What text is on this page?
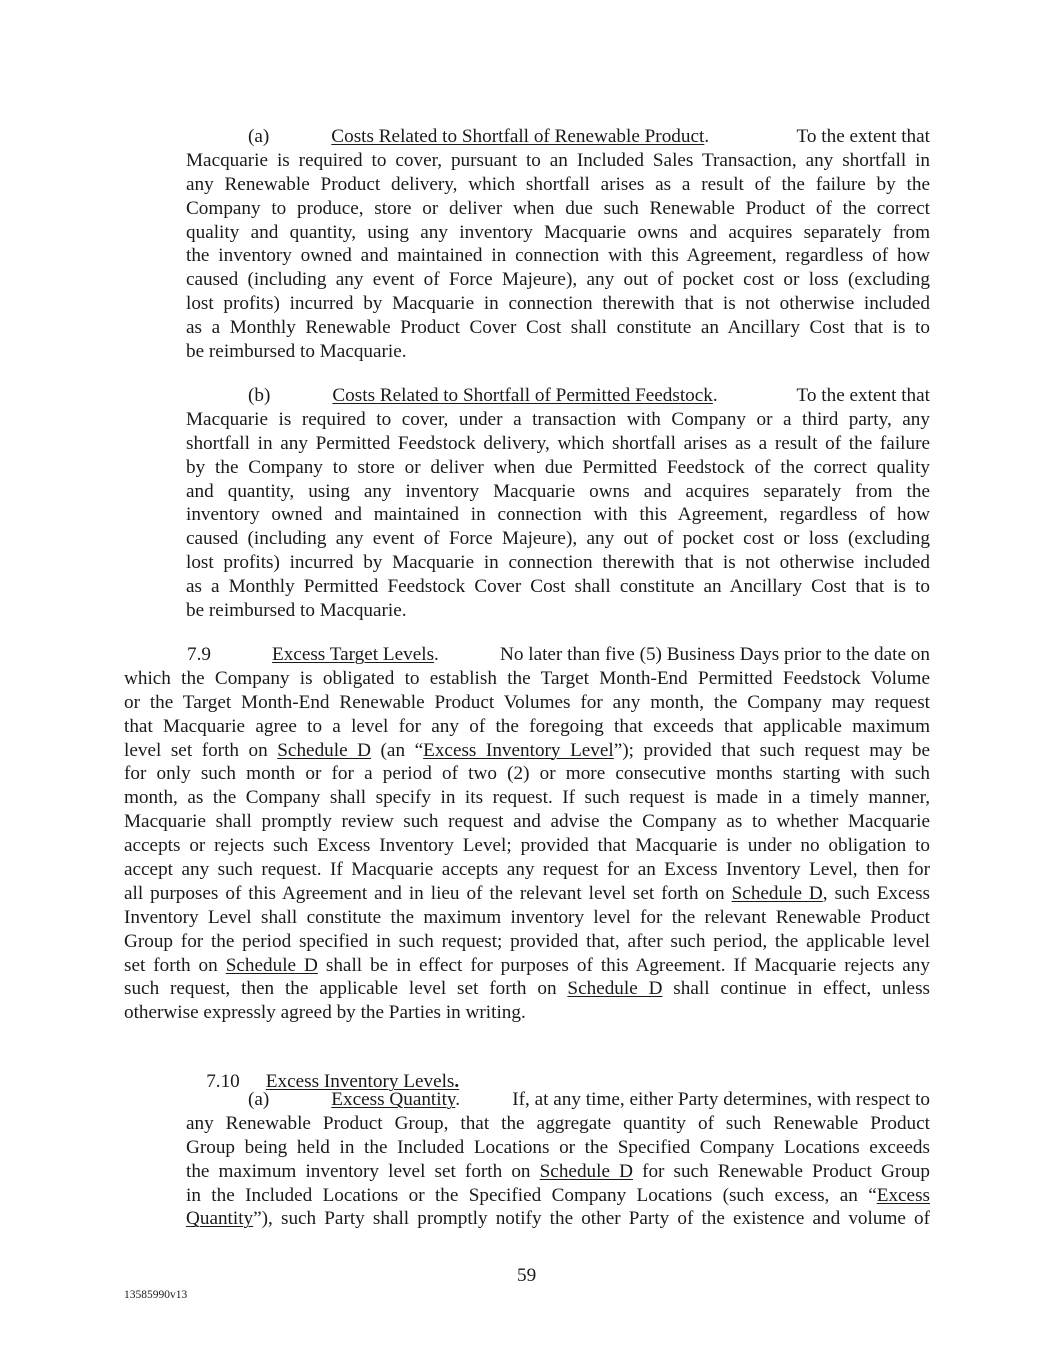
(a)	Costs Related to Shortfall of Renewable Product.	To the extent that
Macquarie is required to cover, pursuant to an Included Sales Transaction, any shortfall in
any Renewable Product delivery, which shortfall arises as a result of the failure by the
Company to produce, store or deliver when due such Renewable Product of the correct
quality and quantity, using any inventory Macquarie owns and acquires separately from
the inventory owned and maintained in connection with this Agreement, regardless of how
caused (including any event of Force Majeure), any out of pocket cost or loss (excluding
lost profits) incurred by Macquarie in connection therewith that is not otherwise included
as a Monthly Renewable Product Cover Cost shall constitute an Ancillary Cost that is to
be reimbursed to Macquarie.
(b)	Costs Related to Shortfall of Permitted Feedstock.	To the extent that
Macquarie is required to cover, under a transaction with Company or a third party, any
shortfall in any Permitted Feedstock delivery, which shortfall arises as a result of the failure
by the Company to store or deliver when due Permitted Feedstock of the correct quality
and quantity, using any inventory Macquarie owns and acquires separately from the
inventory owned and maintained in connection with this Agreement, regardless of how
caused (including any event of Force Majeure), any out of pocket cost or loss (excluding
lost profits) incurred by Macquarie in connection therewith that is not otherwise included
as a Monthly Permitted Feedstock Cover Cost shall constitute an Ancillary Cost that is to
be reimbursed to Macquarie.
7.9	Excess Target Levels.	No later than five (5) Business Days prior to the date on
which the Company is obligated to establish the Target Month-End Permitted Feedstock Volume
or the Target Month-End Renewable Product Volumes for any month, the Company may request
that Macquarie agree to a level for any of the foregoing that exceeds that applicable maximum
level set forth on Schedule D (an “Excess Inventory Level”); provided that such request may be
for only such month or for a period of two (2) or more consecutive months starting with such
month, as the Company shall specify in its request. If such request is made in a timely manner,
Macquarie shall promptly review such request and advise the Company as to whether Macquarie
accepts or rejects such Excess Inventory Level; provided that Macquarie is under no obligation to
accept any such request. If Macquarie accepts any request for an Excess Inventory Level, then for
all purposes of this Agreement and in lieu of the relevant level set forth on Schedule D, such Excess
Inventory Level shall constitute the maximum inventory level for the relevant Renewable Product
Group for the period specified in such request; provided that, after such period, the applicable level
set forth on Schedule D shall be in effect for purposes of this Agreement. If Macquarie rejects any
such request, then the applicable level set forth on Schedule D shall continue in effect, unless
otherwise expressly agreed by the Parties in writing.

7.10 Excess Inventory Levels.

(a)	Excess Quantity.	If, at any time, either Party determines, with respect to
any Renewable Product Group, that the aggregate quantity of such Renewable Product
Group being held in the Included Locations or the Specified Company Locations exceeds
the maximum inventory level set forth on Schedule D for such Renewable Product Group
in the Included Locations or the Specified Company Locations (such excess, an “Excess
Quantity”), such Party shall promptly notify the other Party of the existence and volume of
59
13585990v13
